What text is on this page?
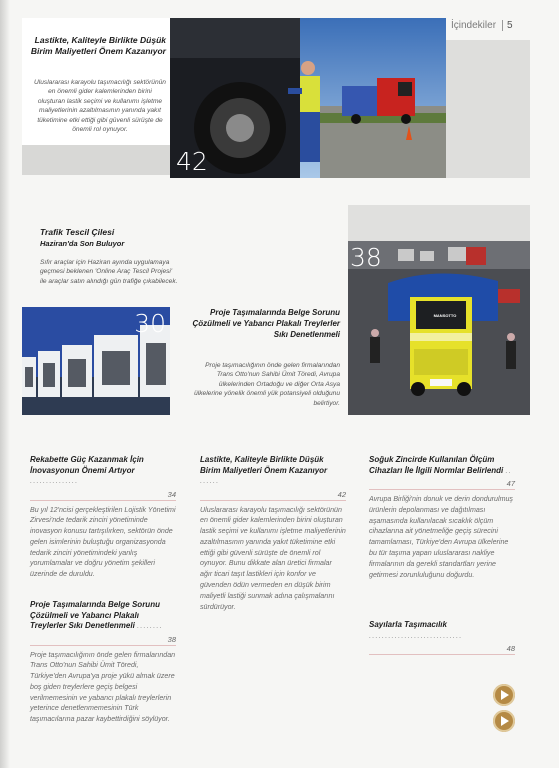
İçindekiler	5
Lastikte, Kaliteyle Birlikte Düşük Birim Maliyetleri Önem Kazanıyor
Uluslararası karayolu taşımacılığı sektörünün en önemli gider kalemlerinden birini oluşturan lastik seçimi ve kullanımı işletme maliyetlerinin azaltılmasının yanında yakıt tüketimine etki ettiği gibi güvenli sürüşte de önemli rol oynuyor.
42
Trafik Tescil Çilesi
Haziran'da Son Buluyor
Sıfır araçlar için Haziran ayında uygulamaya geçmesi beklenen 'Online Araç Tescil Projesi' ile araçlar satın alındığı gün trafiğe çıkabilecek.
30	Proje Taşımalarında Belge Sorunu Çözülmeli ve Yabancı Plakalı Treylerler Sıkı Denetlenmeli
Proje taşımacılığının önde gelen firmalarından Trans Otto'nun Sahibi Ümit Töredi, Avrupa ülkelerinden Ortadoğu ve diğer Orta Asya ülkelerine yönelik önemli yük potansiyeli olduğunu belirtiyor.
MANSOTTO
38
Rekabette Güç Kazanmak İçin İnovasyonun Önemi Artıyor ...............
34
Bu yıl 12'ncisi gerçekleştirilen Lojistik Yönetimi Zirvesi'nde tedarik zinciri yönetiminde inovasyon konusu tartışılırken, sektörün önde gelen isimlerinin buluştuğu organizasyonda tedarik zinciri yönetimindeki yanlış yorumlamalar ve doğru yönetim şekilleri üzerinde de duruldu.
Proje Taşımalarında Belge Sorunu Çözülmeli ve Yabancı Plakalı Treylerler Sıkı Denetlenmeli ........
38
Proje taşımacılığının önde gelen firmalarından Trans Otto'nun Sahibi Ümit Töredi, Türkiye'den Avrupa'ya proje yükü almak üzere boş giden treylerlere geçiş belgesi verilmemesinin ve yabancı plakalı treylerlerin yeterince denetlenmemesinin Türk taşımacılarına pazar kaybettirdiğini söylüyor.
Lastikte, Kaliteyle Birlikte Düşük Birim Maliyetleri Önem Kazanıyor ......
42
Uluslararası karayolu taşımacılığı sektörünün en önemli gider kalemlerinden birini oluşturan lastik seçimi ve kullanımı işletme maliyetlerinin azaltılmasının yanında yakıt tüketimine etki ettiği gibi güvenli sürüşte de önemli rol oynuyor. Bunu dikkate alan üretici firmalar ağır ticari taşıt lastikleri için konfor ve güvenden ödün vermeden en düşük birim maliyetli lastiği sunmak adına çalışmalarını sürdürüyor.
Soğuk Zincirde Kullanılan Ölçüm Cihazları İle İlgili Normlar Belirlendi ..
47
Avrupa Birliği'nin donuk ve derin dondurulmuş ürünlerin depolanması ve dağıtılması aşamasında kullanılacak sıcaklık ölçüm cihazlarına ait yönetmeliğe geçiş sürecini tamamlaması, Türkiye'den Avrupa ülkelerine bu tür taşıma yapan uluslararası nakliye firmalarının da gerekli standartları yerine getirmesi zorunluluğunu doğurdu.
Sayılarla Taşımacılık .............................
48
